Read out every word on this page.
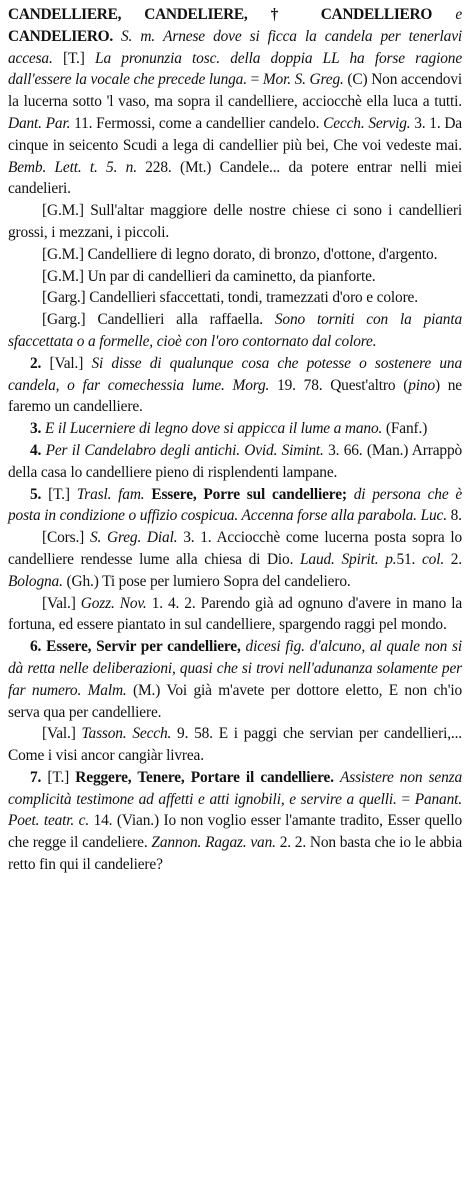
CANDELLIERE, CANDELIERE, † CANDELLIERO e CANDELIERO. S. m. Arnese dove si ficca la candela per tenerlavi accesa. [T.] La pronunzia tosc. della doppia LL ha forse ragione dall'essere la vocale che precede lunga. = Mor. S. Greg. (C) Non accendovi la lucerna sotto 'l vaso, ma sopra il candelliere, acciocchè ella luca a tutti. Dant. Par. 11. Fermossi, come a candellier candelo. Cecch. Servig. 3. 1. Da cinque in seicento Scudi a lega di candellier più bei, Che voi vedeste mai. Bemb. Lett. t. 5. n. 228. (Mt.) Candele... da potere entrar nelli miei candelieri.

[G.M.] Sull'altar maggiore delle nostre chiese ci sono i candellieri grossi, i mezzani, i piccoli.

[G.M.] Candelliere di legno dorato, di bronzo, d'ottone, d'argento.

[G.M.] Un par di candellieri da caminetto, da pianforte.

[Garg.] Candellieri sfaccettati, tondi, tramezzati d'oro e colore.

[Garg.] Candellieri alla raffaella. Sono torniti con la pianta sfaccettata o a formelle, cioè con l'oro contornato dal colore.

2. [Val.] Si disse di qualunque cosa che potesse o sostenere una candela, o far comechessia lume. Morg. 19. 78. Quest'altro (pino) ne faremo un candelliere.

3. E il Lucerniere di legno dove si appicca il lume a mano. (Fanf.)

4. Per il Candelabro degli antichi. Ovid. Simint. 3. 66. (Man.) Arrappò della casa lo candelliere pieno di risplendenti lampane.

5. [T.] Trasl. fam. Essere, Porre sul candelliere; di persona che è posta in condizione o uffizio cospicua. Accenna forse alla parabola. Luc. 8.

[Cors.] S. Greg. Dial. 3. 1. Acciocchè come lucerna posta sopra lo candelliere rendesse lume alla chiesa di Dio. Laud. Spirit. p.51. col. 2. Bologna. (Gh.) Ti pose per lumiero Sopra del candeliero.

[Val.] Gozz. Nov. 1. 4. 2. Parendo già ad ognuno d'avere in mano la fortuna, ed essere piantato in sul candelliere, spargendo raggi pel mondo.

6. Essere, Servir per candelliere, dicesi fig. d'alcuno, al quale non si dà retta nelle deliberazioni, quasi che si trovi nell'adunanza solamente per far numero. Malm. (M.) Voi già m'avete per dottore eletto, E non ch'io serva qua per candelliere.

[Val.] Tasson. Secch. 9. 58. E i paggi che servian per candellieri,... Come i visi ancor cangiàr livrea.

7. [T.] Reggere, Tenere, Portare il candelliere. Assistere non senza complicità testimone ad affetti e atti ignobili, e servire a quelli. = Panant. Poet. teatr. c. 14. (Vian.) Io non voglio esser l'amante tradito, Esser quello che regge il candeliere. Zannon. Ragaz. van. 2. 2. Non basta che io le abbia retto fin qui il candeliere?
